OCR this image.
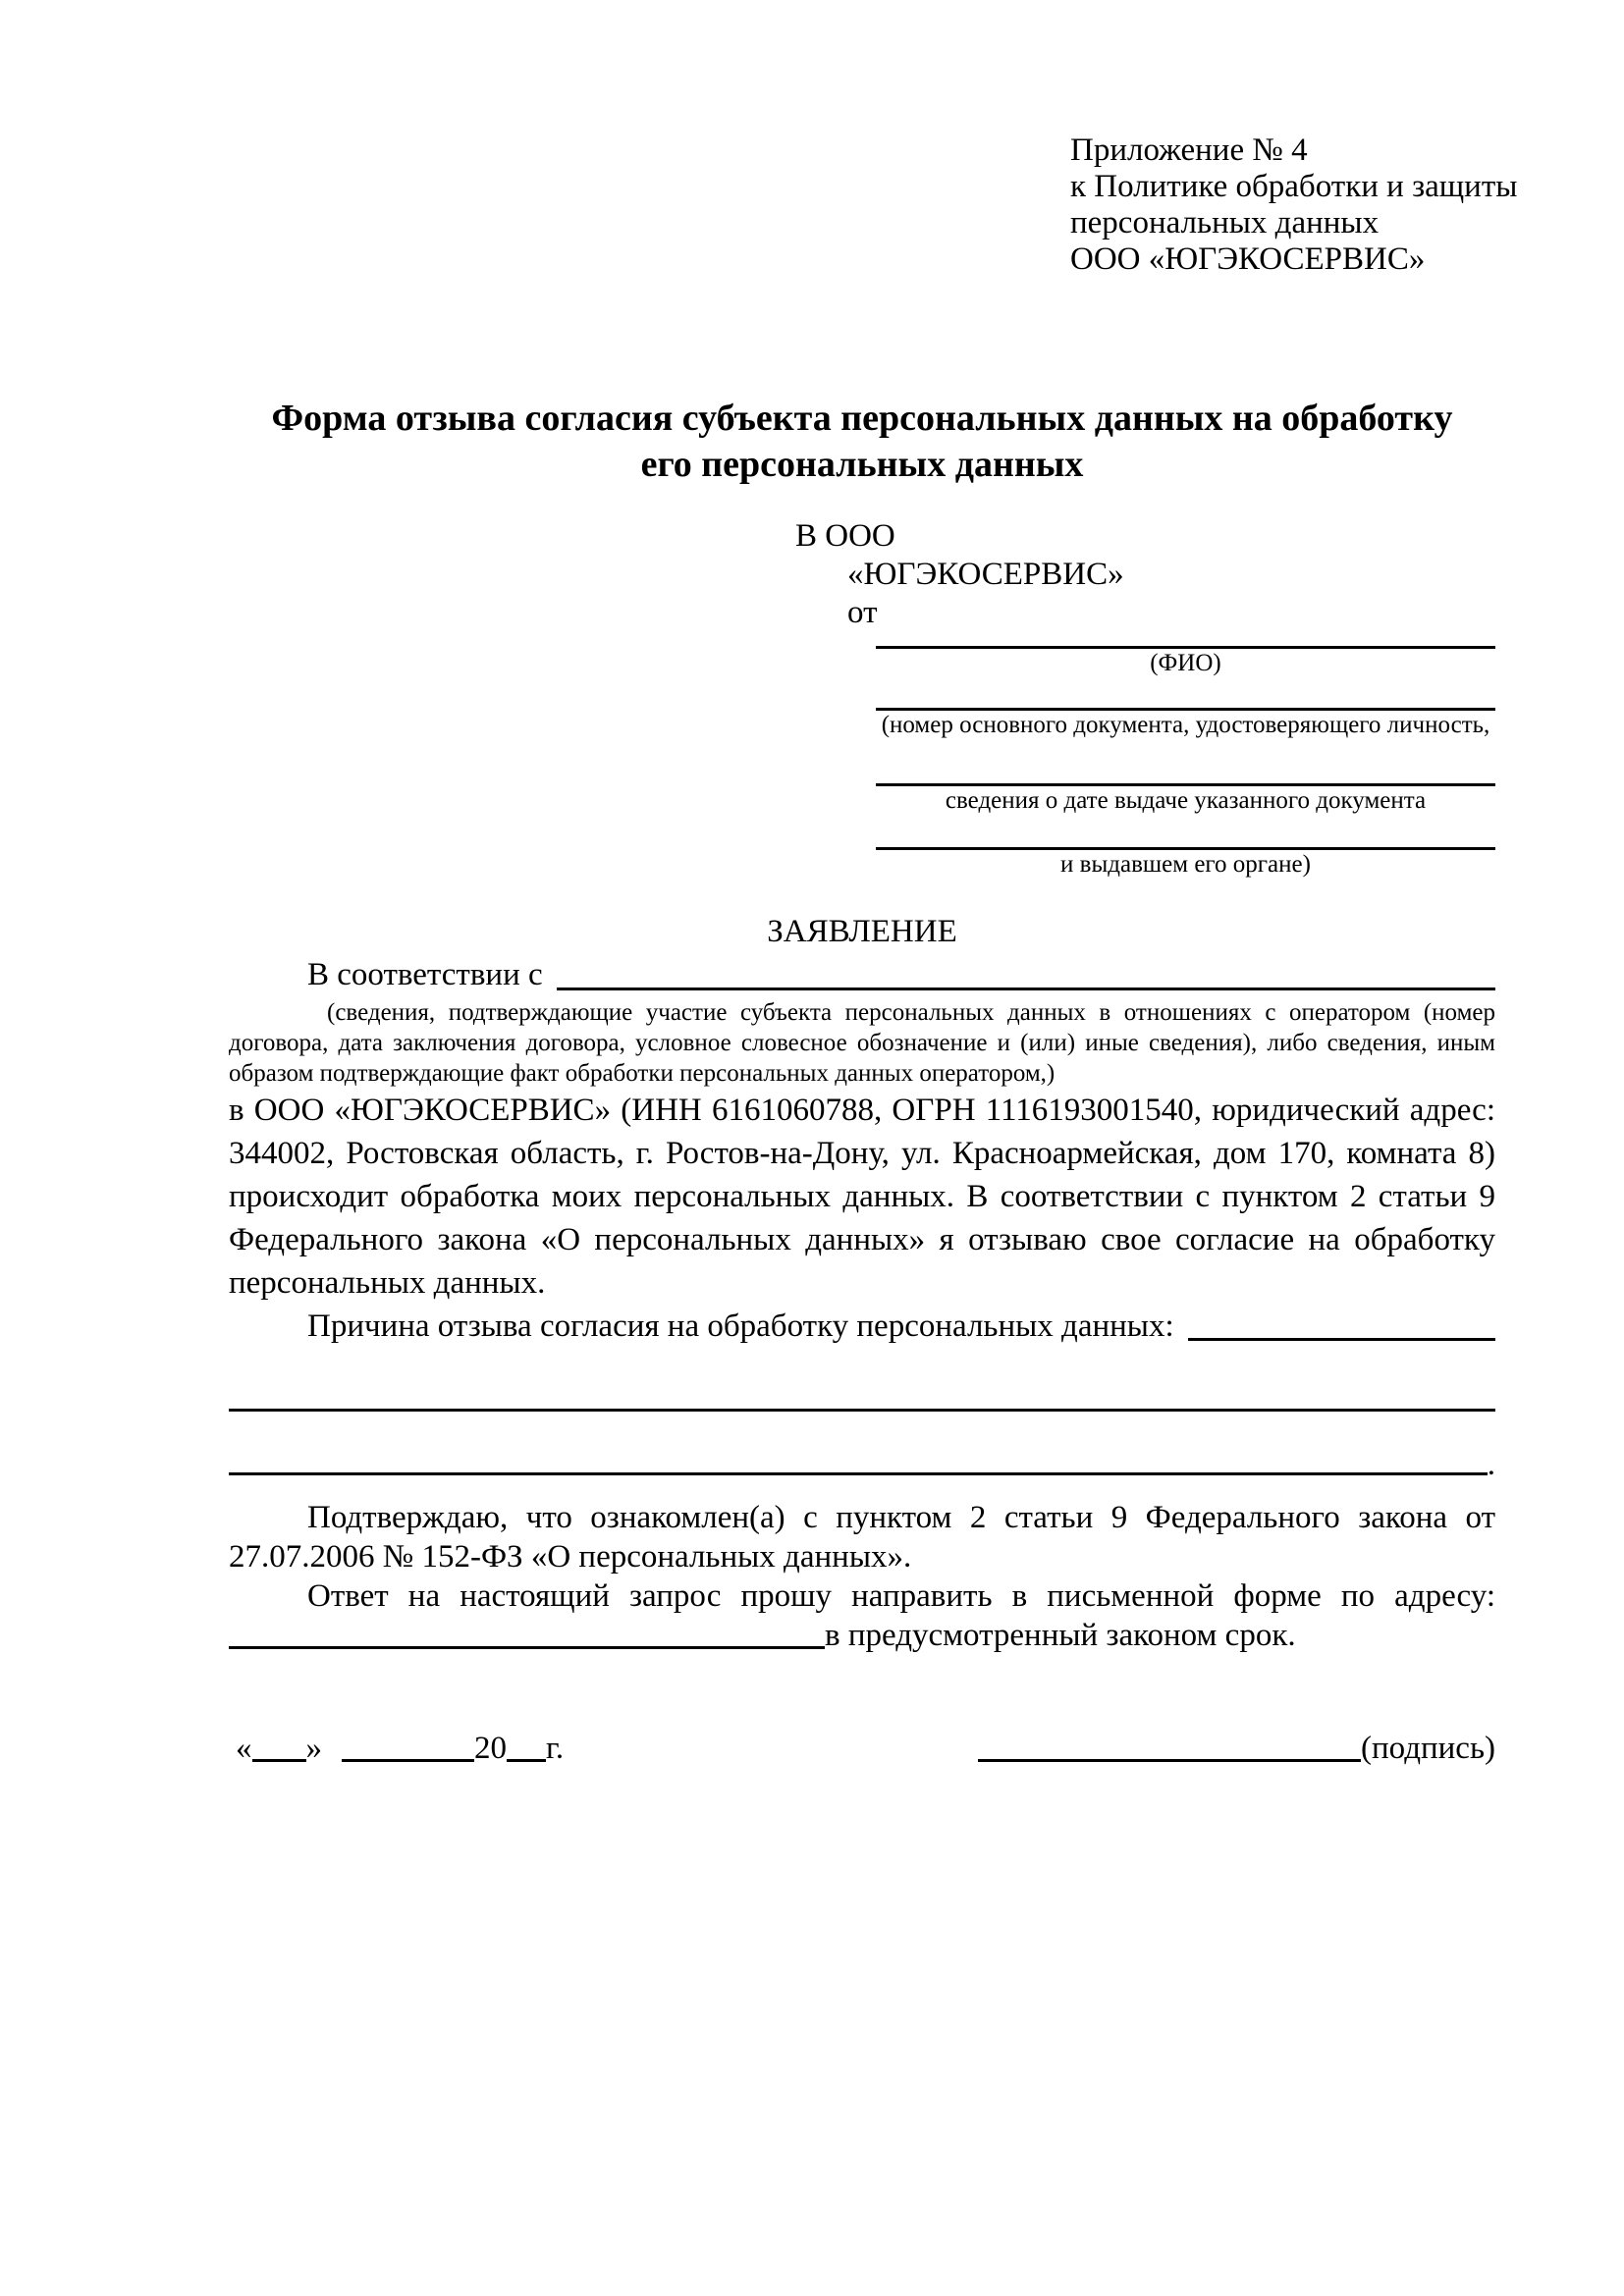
Приложение № 4
к Политике обработки и защиты
персональных данных
ООО «ЮГЭКОСЕРВИС»
Форма отзыва согласия субъекта персональных данных на обработку
его персональных данных
В ООО
«ЮГЭКОСЕРВИС»
от
(ФИО)
(номер основного документа, удостоверяющего личность,
сведения о дате выдаче указанного документа
и выдавшем его органе)
ЗАЯВЛЕНИЕ
В соответствии с
(сведения, подтверждающие участие субъекта персональных данных в отношениях с оператором (номер договора, дата заключения договора, условное словесное обозначение и (или) иные сведения), либо сведения, иным образом подтверждающие факт обработки персональных данных оператором,)
в ООО «ЮГЭКОСЕРВИС» (ИНН 6161060788, ОГРН 1116193001540, юридический адрес: 344002, Ростовская область, г. Ростов-на-Дону, ул. Красноармейская, дом 170, комната 8) происходит обработка моих персональных данных. В соответствии с пунктом 2 статьи 9 Федерального закона «О персональных данных» я отзываю свое согласие на обработку персональных данных.
Причина отзыва согласия на обработку персональных данных:
.
Подтверждаю, что ознакомлен(а) с пунктом 2 статьи 9 Федерального закона от 27.07.2006 № 152-ФЗ «О персональных данных».
Ответ на настоящий запрос прошу направить в письменной форме по адресу:
в предусмотренный законом срок.
« »	20 г.	(подпись)
